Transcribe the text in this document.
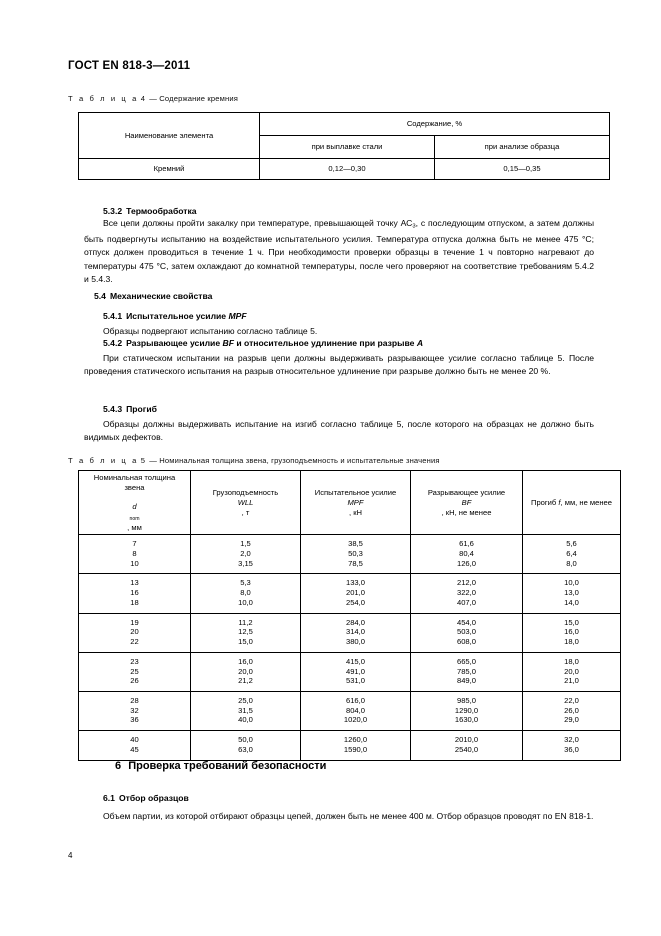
ГОСТ EN 818-3—2011
Т а б л и ц а 4 — Содержание кремния
Наименование элемента	Содержание, %	
	при выплавке стали	при анализе образца
Кремний	0,12—0,30	0,15—0,35
5.3.2 Термообработка
Все цепи должны пройти закалку при температуре, превышающей точку $АС_3$, с последующим отпуском, а затем должны быть подвергнуты испытанию на воздействие испытательного усилия. Температура отпуска должна быть не менее 475 °C; отпуск должен проводиться в течение 1 ч. При необходимости проверки образцы в течение 1 ч повторно нагревают до температуры 475 °C, затем охлаждают до комнатной температуры, после чего проверяют на соответствие требованиям 5.4.2 и 5.4.3.
5.4 Механические свойства
5.4.1 Испытательное усилие MPF
Образцы подвергают испытанию согласно таблице 5.
5.4.2 Разрывающее усилие BF и относительное удлинение при разрыве A
При статическом испытании на разрыв цепи должны выдерживать разрывающее усилие согласно таблице 5. После проведения статического испытания на разрыв относительное удлинение при разрыве должно быть не менее 20 %.
5.4.3 Прогиб
Образцы должны выдерживать испытание на изгиб согласно таблице 5, после которого на образцах не должно быть видимых дефектов.
Т а б л и ц а 5 — Номинальная толщина звена, грузоподъемность и испытательные значения
Номинальная толщина
звена

d
$_{nom}$
, мм	Грузоподъемность
WLL
, т	Испытательное усилие
MPF
, кН	Разрывающее усилие
BF
, кН, не менее	Прогиб f, мм, не менее

7
8
10	1,5
2,0
3,15	38,5
50,3
78,5	61,6
80,4
126,0	5,6
6,4
8,0

13
16
18	5,3
8,0
10,0	133,0
201,0
254,0	212,0
322,0
407,0	10,0
13,0
14,0

19
20
22	11,2
12,5
15,0	284,0
314,0
380,0	454,0
503,0
608,0	15,0
16,0
18,0

23
25
26	16,0
20,0
21,2	415,0
491,0
531,0	665,0
785,0
849,0	18,0
20,0
21,0

28
32
36	25,0
31,5
40,0	616,0
804,0
1020,0	985,0
1290,0
1630,0	22,0
26,0
29,0

40
45	50,0
63,0	1260,0
1590,0	2010,0
2540,0	32,0
36,0
6 Проверка требований безопасности
6.1 Отбор образцов
Объем партии, из которой отбирают образцы цепей, должен быть не менее 400 м. Отбор образцов проводят по EN 818-1.
4
